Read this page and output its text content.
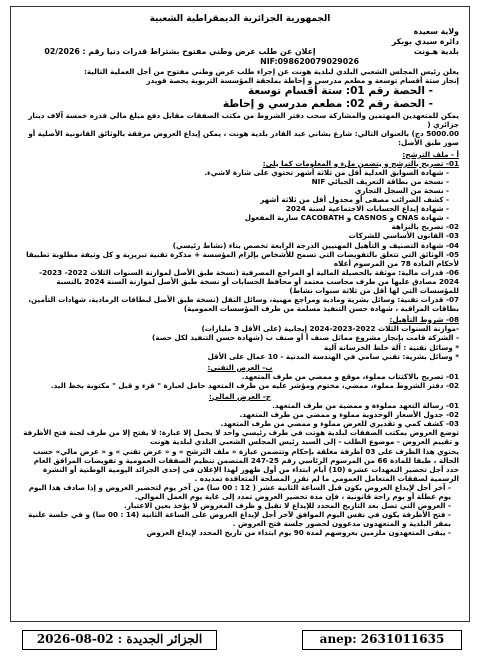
الجمهورية الجزائرية الديمقراطية الشعبية
ولاية سعيدة
دائرة سيدي بوبكر
بلدية هـونت
إعلان عن طلب عرض وطني مفتوح بشتراط قدرات دنيا رقم : 02/2026
NIF:098620079029026

يعلن رئيس المجلس الشعبي البلدي لبلدية هونت عن إجراء طلب عرض وطني مفتوح من أجل العملية التالية:

إنجاز ستة أقسام توسعة و مطعم مدرسي و إحاطة بملحقة المؤسسة التربوية بحصة قويدر

- الحصة رقم 01: ستة أقسام توسعة

- الحصة رقم 02: مطعم مدرسي و إحاطة

يمكن للمتعهدين المهتمين والمشاركة سحب دفتر الشروط من مكتب الصفقات مقابل دفع مبلغ مالي قدره خمسة آلاف دينار جزائري (

5000.00 دج) بالعنوان التالي: شارع بشاني عبد القادر بلدية هونت ، يمكن إيداع العروض مرفقة بالوثائق القانونية الأصلية أو صور طبق الأصل:

أ - ملف الترشح:

01- تصريح بالترشح و يتضمن ملء و المعلومات كما يلي:

- شهادة السوابق العدلية أقل من ثلاثة أشهر تحتوي على شارة لاشيء.

- نسخة من بطاقة التعريف الجبائي NIF

- نسخة من السجل التجاري

- كشف الضرائب مصفى أو مجدول أقل من ثلاثة أشهر

- شهادة إيداع الحسابات الاجتماعية لسنة 2024

- شهادة CNAS و CASNOS و CACOBATH سارية المفعول

02- تصريح بالنزاهة

03- القانون الأساسي للشركات

04- شهادة التصنيف و التأهيل المهنيين الدرجة الرابعة تخصص بناء (نشاط رئيسي)

05- الوثائق التي تتعلق بالتفويضات التي تسمح للأشخاص بإلزام المؤسسة + مذكرة تقنية تبريرية و كل وثيقة مطلوبة تطبيقا لأحكام المادة 78 من المرسوم أعلاه

06- قدرات مالية: موثقة بالحصيلة المالية أو المراجع المصرفية (نسخة طبق الأصل لموازنة السنوات الثلاث 2022- 2023- 2024 مصادق عليها من طرف محاسب معتمد أو محافظ الحسابات أو نسخة طبق الأصل لموازنة السنة 2024 بالنسبة للمؤسسات التي لها أقل من ثلاثة سنوات نشاط)

07- قدرات تقنية: وسائل بشرية ومادية ومراجع مهنية، وسائل النقل (نسخة طبق الأصل لبطاقات الرمادية، شهادات التأمين، بطاقات المراقبة ، شهادة حسن التنفيذ مسلمة من طرف المؤسسات العمومية)

08- شروط التأهيل:

-موازنة السنوات الثلاث 2022-2023-2024 إيجابية (على الأقل 3 مليارات)

- الشركة قامت بإنجاز مشروع مماثل صنف أ أو صنف ب (شهادة حسن التنفيذ لكل حصة)

* وسائل تقنية : آلة خلط الخرسانة آلية

* وسائل بشرية: تقني سامي في الهندسة المدنية - 10 عمال على الأقل

ب- العرض التقني:

01- تصريح بالاكتتاب مملوء، موقع و ممضي من طرف المتعهد.

02- دفتر الشروط مملوء، ممضي، مختوم ومؤشر عليه من طرف المتعهد حامل لعبارة " قرء و قبل " مكتوبة بخط اليد.

ج- العرض المالي:

01- رسالة التعهد مملوءة و ممضية من طرف المتعهد.

02- جدول الأسعار الوحدوية مملوء و ممضي من طرف المتعهد.

03- كشف كمي و تقديري للعرض مملوء و ممضي من طرف المتعهد.

توضع العروض بمكتب الصفقات لبلدية هونت في ظرف رئيسي واحد لا يحمل إلا عبارة: لا يفتح إلا من طرف لجنة فتح الأظرفة و تقييم العروض - موضوع الطلب - إلى السيد رئيس المجلس الشعبي البلدي لبلدية هونت

يحتوي هذا الظرف على 03 أظرفة مغلقة بإحكام وتتضمن عبارة « ملف الترشح » و « عرض تقني » و « عرض مالي» حسب الحالة ، طبقا للمادة 66 من المرسوم الرئاسي رقم 25-247 المتضمن تنظيم الصفقات العمومية و تفويضات المرافق العام حدد أجل تحضير التعهدات عشرة (10) أيام ابتداء من أول ظهور لهذا الإعلان في إحدى الجرائد اليومية الوطنية أو النشرة الرسمية لصفقات المتعامل العمومي ما لم تقرر المصلحة المتعاقدة تمديده .

- آخر أجل لإيداع العروض يكون قبل الساعة الثانية عشر ( 12 : 00 سا) من آخر يوم لتحضير العروض و إذا صادف هذا اليوم يوم عطلة أو يوم راحة قانونية ، فإن مدة تحضير العروض تمدد إلى غاية يوم العمل الموالي.

- العروض التي تصل بعد التاريخ المحدد للإيداع لا تقبل و ظرف المعروض لا يؤخذ بعين الاعتبار.

- فتح الأظرفة يكون في نفس اليوم الموافق لآخر أجل لإيداع العروض على الساعة الثانية (14 : 00 سا) و في جلسة علنية بمقر البلدية و المتعهدون مدعوون لحضور جلسة فتح العروض .

- يبقى المتعهدون ملزمين بعروضهم لمدة 90 يوم ابتداء من تاريخ المحدد لإيداع العروض

الجزائر الجديدة : 02-08-2026	anep: 2631011635
